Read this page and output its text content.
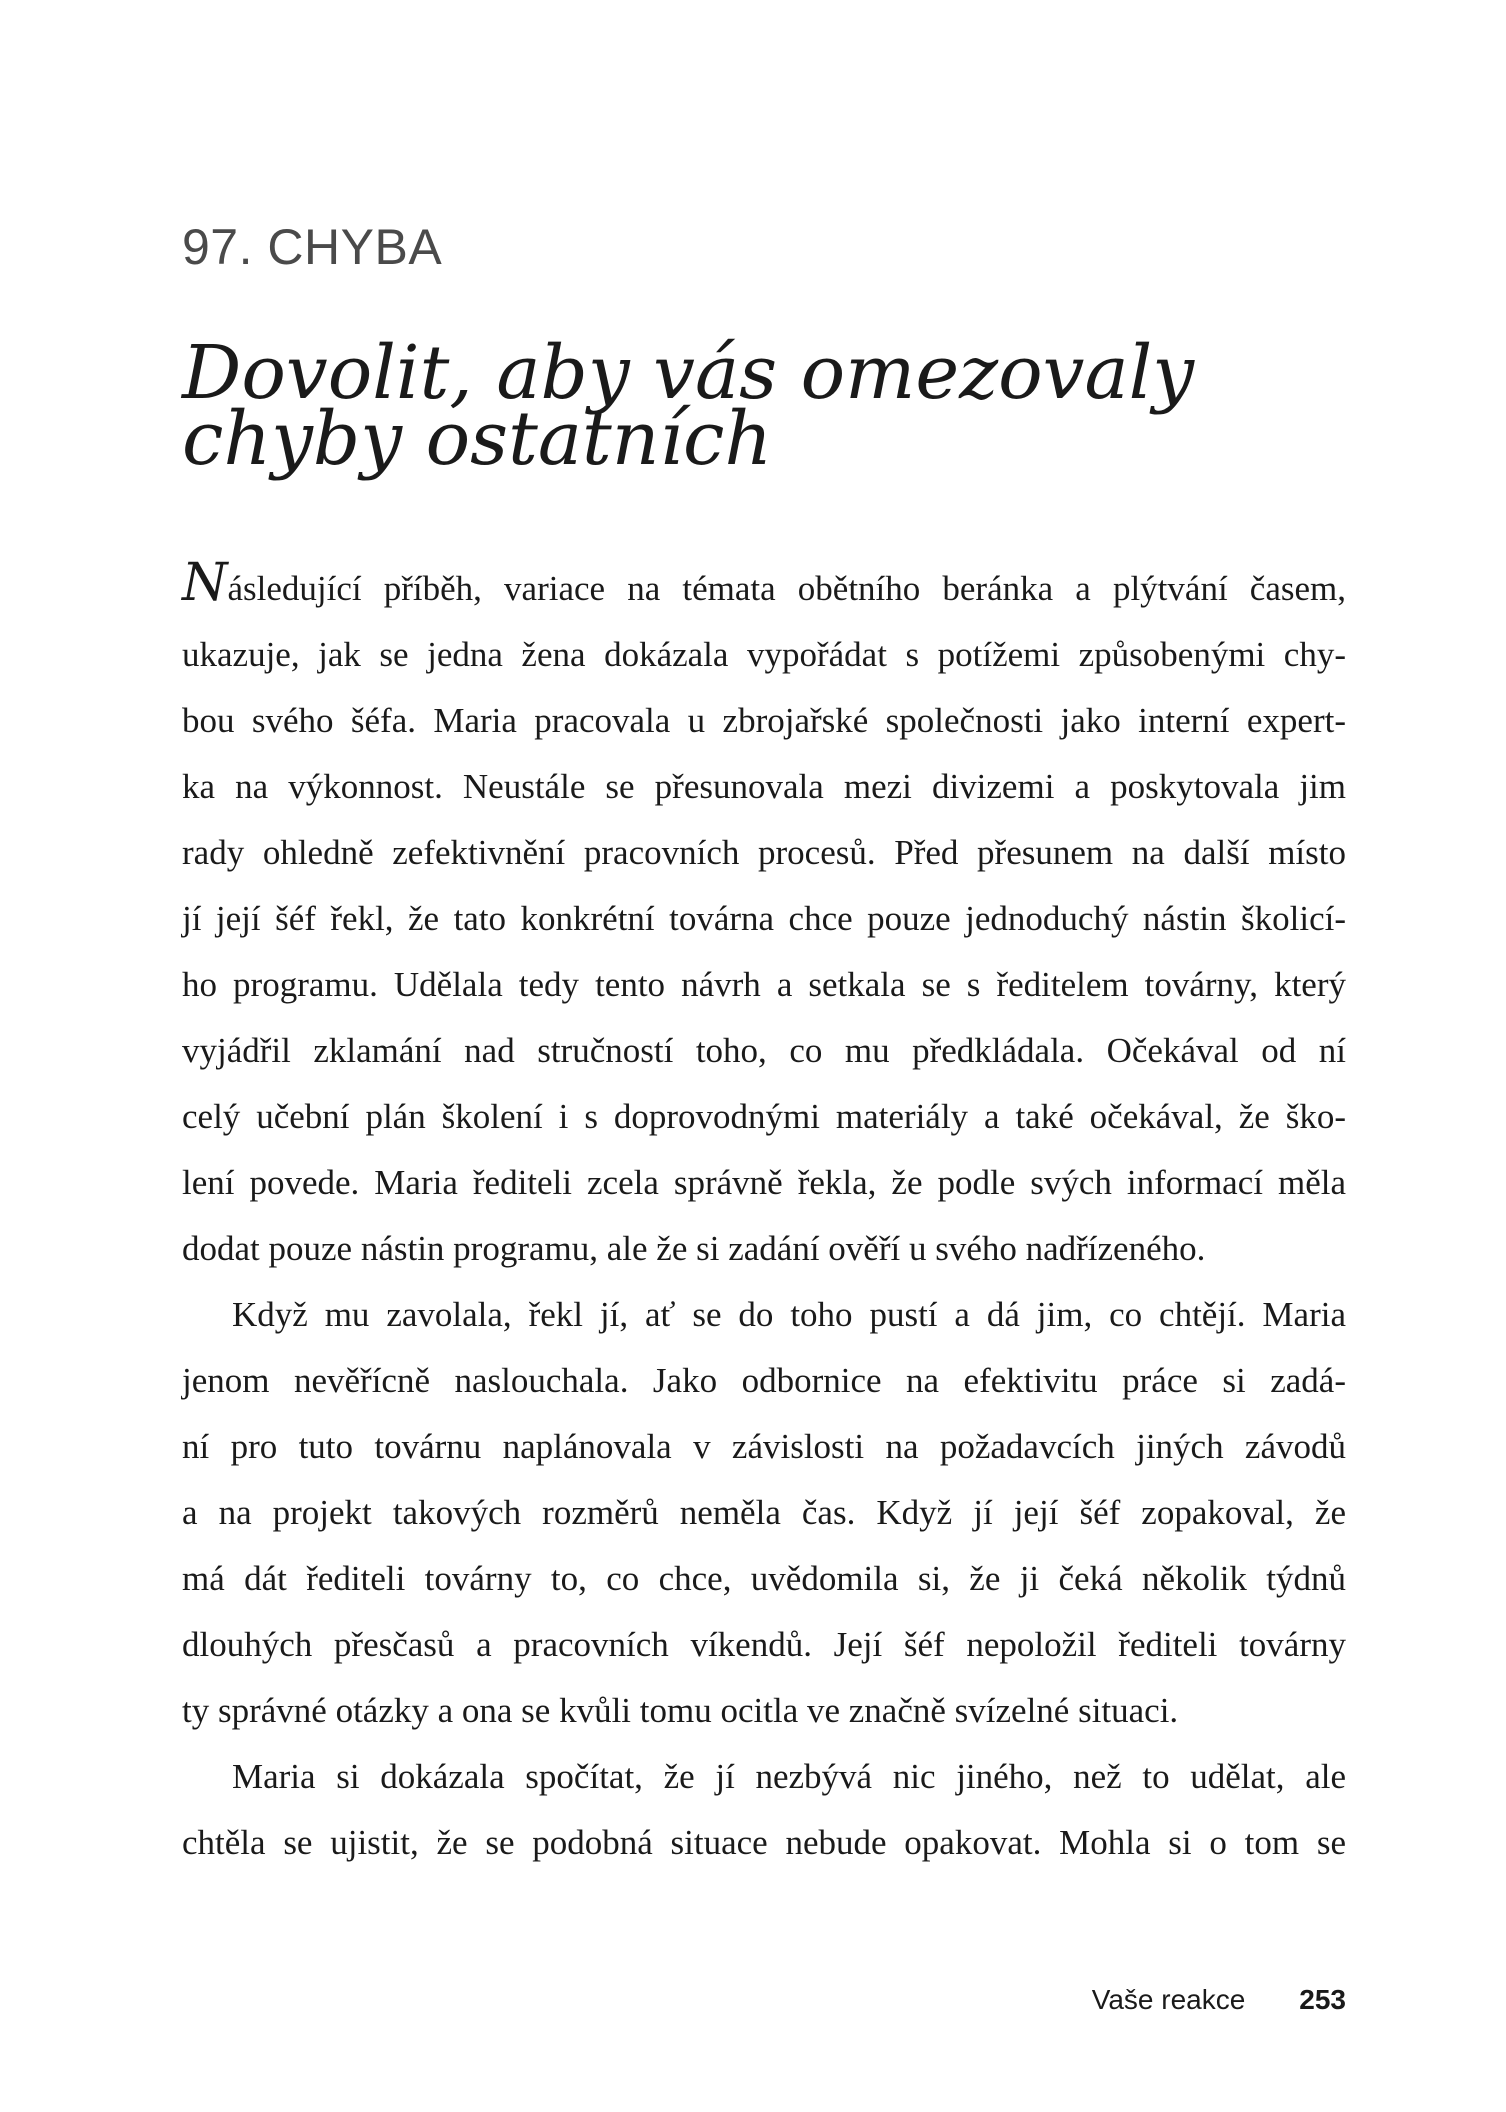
97. CHYBA
Dovolit, aby vás omezovaly
chyby ostatních
Následující příběh, variace na témata obětního beránka a plýtvání časem,
ukazuje, jak se jedna žena dokázala vypořádat s potížemi způsobenými chy-
bou svého šéfa. Maria pracovala u zbrojařské společnosti jako interní expert-
ka na výkonnost. Neustále se přesunovala mezi divizemi a poskytovala jim
rady ohledně zefektivnění pracovních procesů. Před přesunem na další místo
jí její šéf řekl, že tato konkrétní továrna chce pouze jednoduchý nástin školicí-
ho programu. Udělala tedy tento návrh a setkala se s ředitelem továrny, který
vyjádřil zklamání nad stručností toho, co mu předkládala. Očekával od ní
celý učební plán školení i s doprovodnými materiály a také očekával, že ško-
lení povede. Maria řediteli zcela správně řekla, že podle svých informací měla
dodat pouze nástin programu, ale že si zadání ověří u svého nadřízeného.
Když mu zavolala, řekl jí, ať se do toho pustí a dá jim, co chtějí. Maria
jenom nevěřícně naslouchala. Jako odbornice na efektivitu práce si zadá-
ní pro tuto továrnu naplánovala v závislosti na požadavcích jiných závodů
a na projekt takových rozměrů neměla čas. Když jí její šéf zopakoval, že
má dát řediteli továrny to, co chce, uvědomila si, že ji čeká několik týdnů
dlouhých přesčasů a pracovních víkendů. Její šéf nepoložil řediteli továrny
ty správné otázky a ona se kvůli tomu ocitla ve značně svízelné situaci.
Maria si dokázala spočítat, že jí nezbývá nic jiného, než to udělat, ale
chtěla se ujistit, že se podobná situace nebude opakovat. Mohla si o tom se
Vaše reakce 253
